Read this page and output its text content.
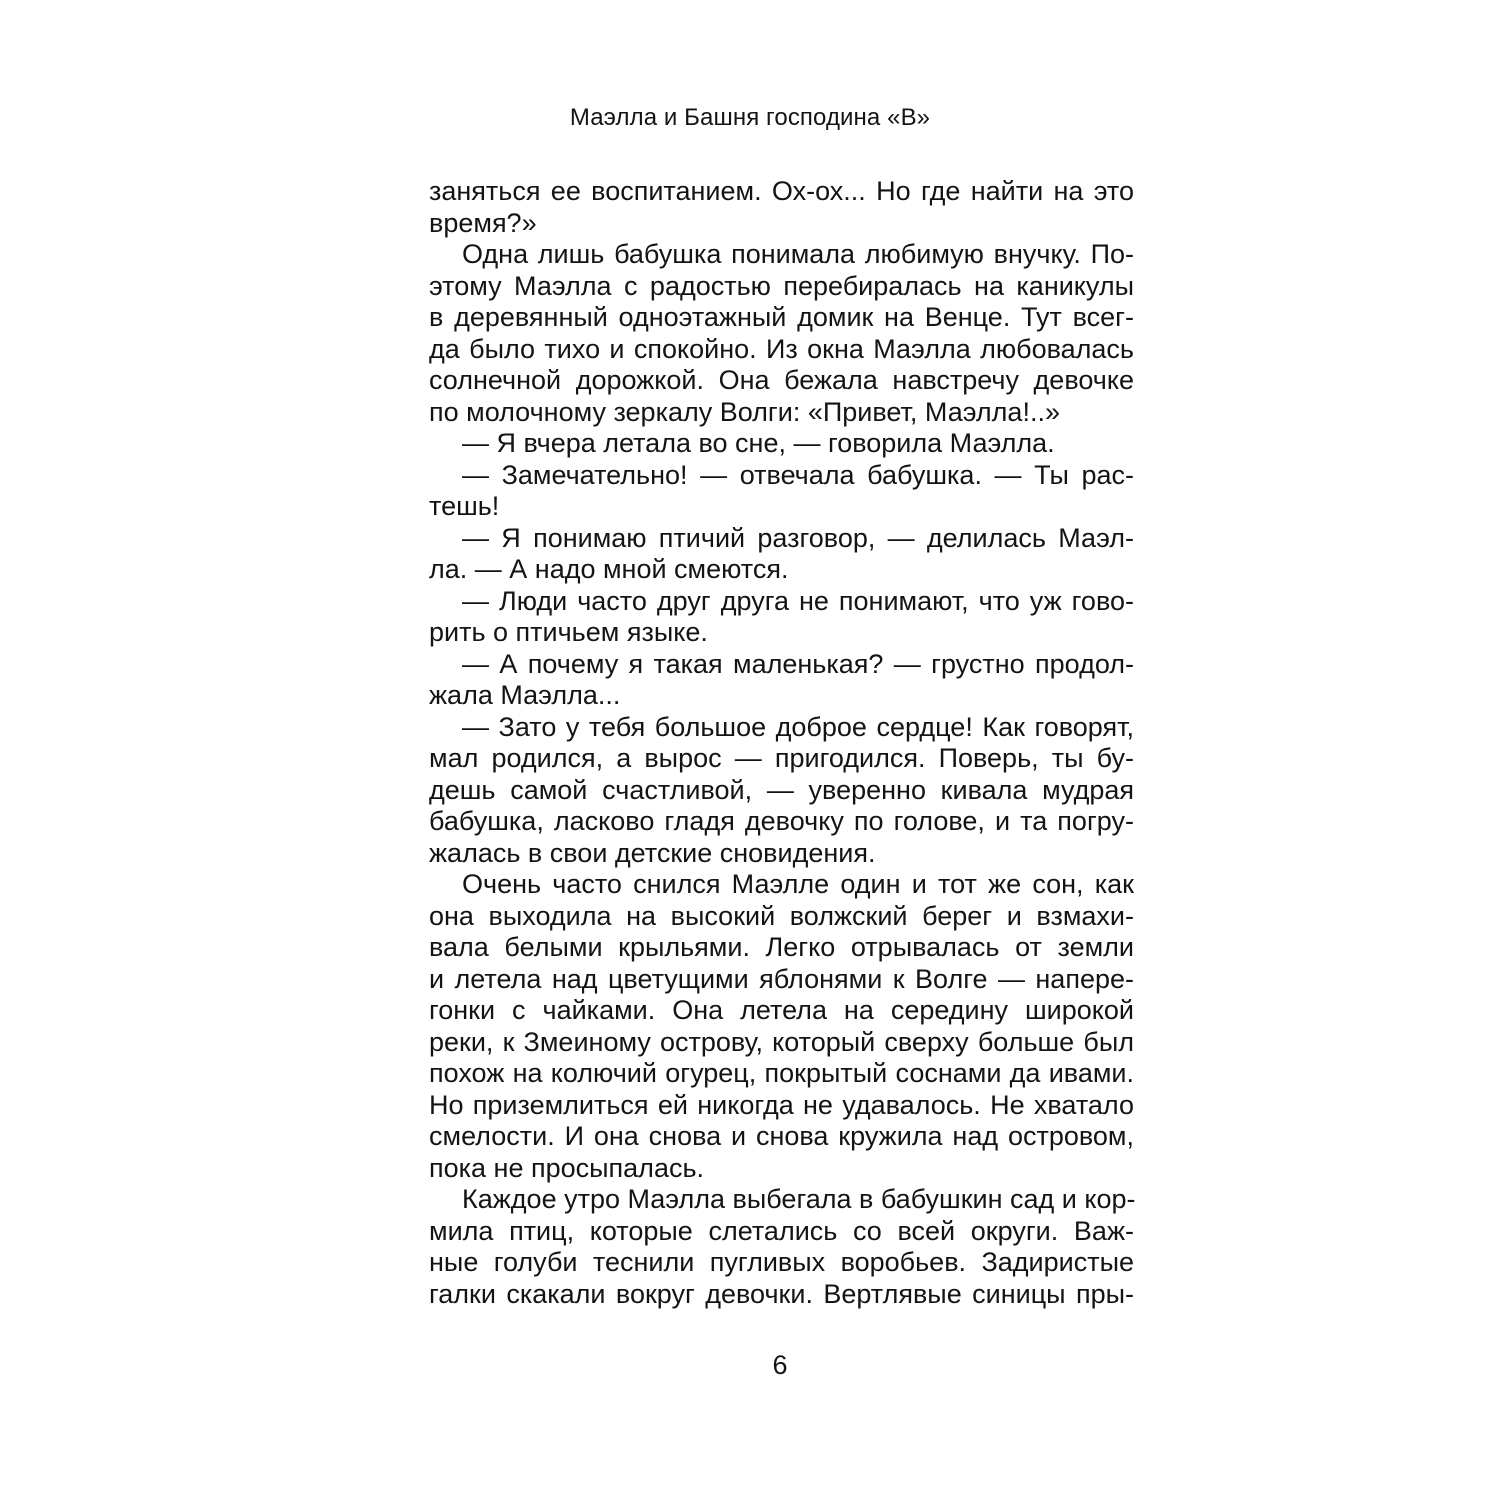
Маэлла и Башня господина «В»
заняться ее воспитанием. Ох-ох... Но где найти на это
время?»
Одна лишь бабушка понимала любимую внучку. По-
этому Маэлла с радостью перебиралась на каникулы
в деревянный одноэтажный домик на Венце. Тут всег-
да было тихо и спокойно. Из окна Маэлла любовалась
солнечной дорожкой. Она бежала навстречу девочке
по молочному зеркалу Волги: «Привет, Маэлла!..»
— Я вчера летала во сне, — говорила Маэлла.
— Замечательно! — отвечала бабушка. — Ты рас-
тешь!
— Я понимаю птичий разговор, — делилась Маэл-
ла. — А надо мной смеются.
— Люди часто друг друга не понимают, что уж гово-
рить о птичьем языке.
— А почему я такая маленькая? — грустно продол-
жала Маэлла...
— Зато у тебя большое доброе сердце! Как говорят,
мал родился, а вырос — пригодился. Поверь, ты бу-
дешь самой счастливой, — уверенно кивала мудрая
бабушка, ласково гладя девочку по голове, и та погру-
жалась в свои детские сновидения.
Очень часто снился Маэлле один и тот же сон, как
она выходила на высокий волжский берег и взмахи-
вала белыми крыльями. Легко отрывалась от земли
и летела над цветущими яблонями к Волге — напере-
гонки с чайками. Она летела на середину широкой
реки, к Змеиному острову, который сверху больше был
похож на колючий огурец, покрытый соснами да ивами.
Но приземлиться ей никогда не удавалось. Не хватало
смелости. И она снова и снова кружила над островом,
пока не просыпалась.
Каждое утро Маэлла выбегала в бабушкин сад и кор-
мила птиц, которые слетались со всей округи. Важ-
ные голуби теснили пугливых воробьев. Задиристые
галки скакали вокруг девочки. Вертлявые синицы пры-
6
